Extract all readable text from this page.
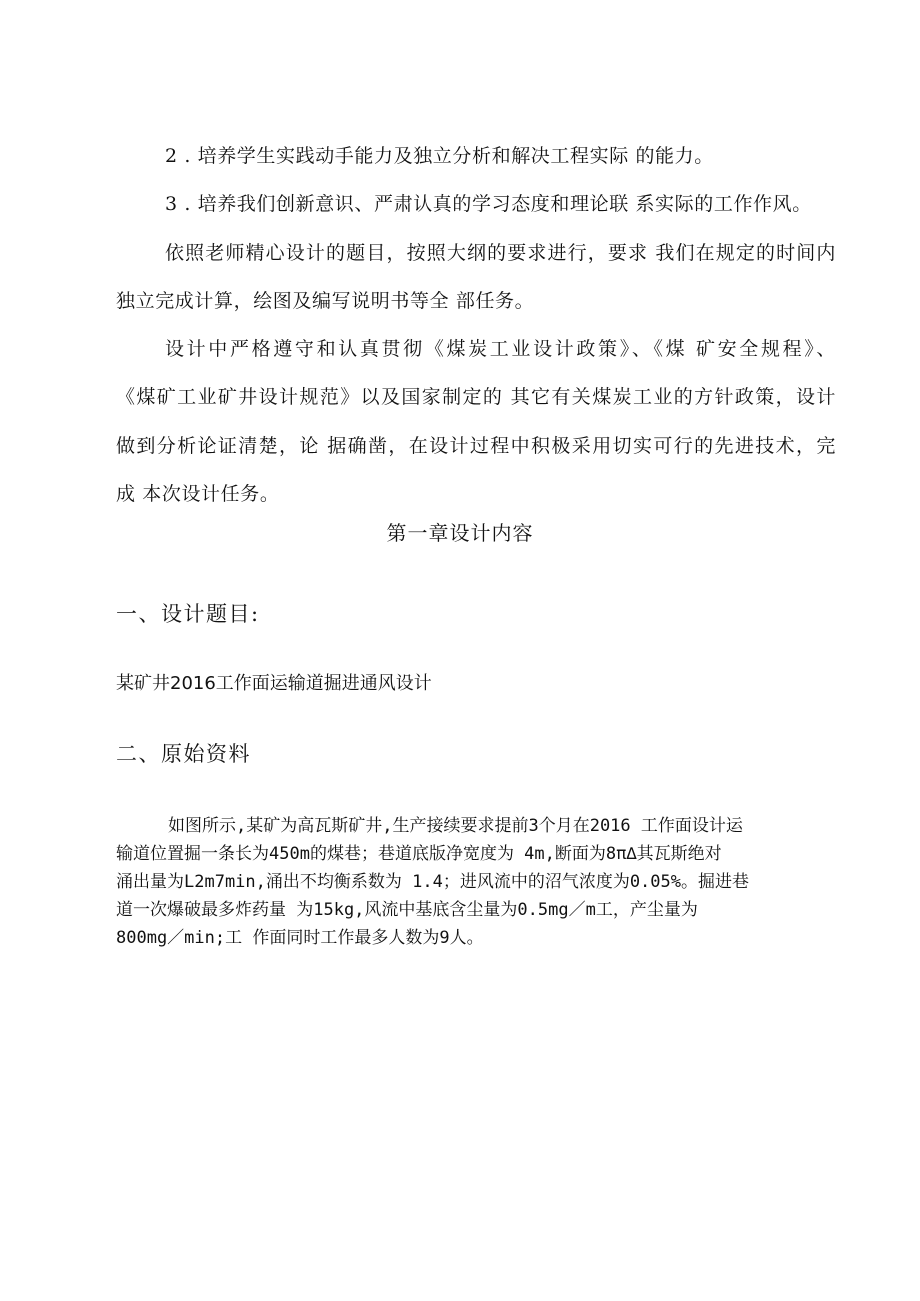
2 . 培养学生实践动手能力及独立分析和解决工程实际 的能力。
3 . 培养我们创新意识、严肃认真的学习态度和理论联 系实际的工作作风。
依照老师精心设计的题目，按照大纲的要求进行，要求 我们在规定的时间内
独立完成计算，绘图及编写说明书等全 部任务。
设计中严格遵守和认真贯彻《煤炭工业设计政策》、《煤 矿安全规程》、
《煤矿工业矿井设计规范》以及国家制定的 其它有关煤炭工业的方针政策，设计
做到分析论证清楚，论 据确凿，在设计过程中积极采用切实可行的先进技术，完
成 本次设计任务。
第一章设计内容
一、设计题目:
某矿井2016工作面运输道掘进通风设计
二、原始资料
如图所示,某矿为高瓦斯矿井,生产接续要求提前3个月在2016 工作面设计运
输道位置掘一条长为450m的煤巷；巷道底版净宽度为 4m,断面为8π∆其瓦斯绝对
涌出量为L2m7min,涌出不均衡系数为 1.4；进风流中的沼气浓度为0.05%。掘进巷
道一次爆破最多炸药量 为15kg,风流中基底含尘量为0.5mg／m工，产尘量为
800mg／min;工 作面同时工作最多人数为9人。
